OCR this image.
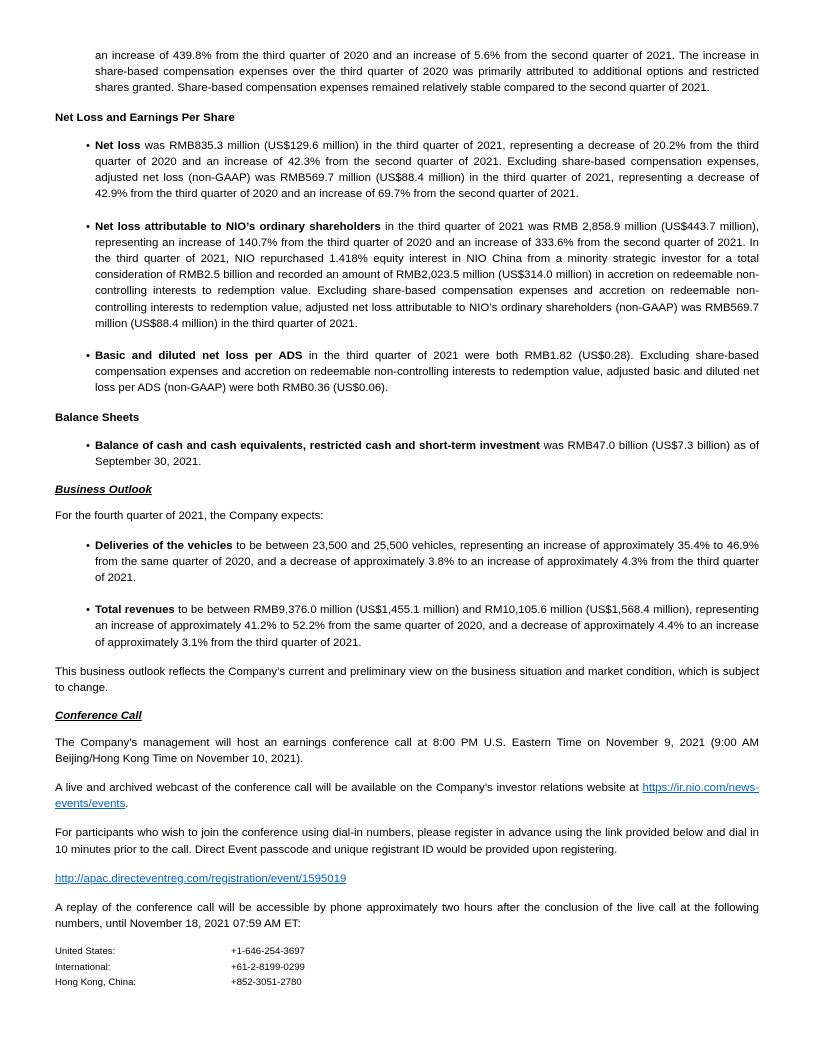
an increase of 439.8% from the third quarter of 2020 and an increase of 5.6% from the second quarter of 2021. The increase in share-based compensation expenses over the third quarter of 2020 was primarily attributed to additional options and restricted shares granted. Share-based compensation expenses remained relatively stable compared to the second quarter of 2021.

Net Loss and Earnings Per Share
• Net loss was RMB835.3 million (US$129.6 million) in the third quarter of 2021, representing a decrease of 20.2% from the third quarter of 2020 and an increase of 42.3% from the second quarter of 2021. Excluding share-based compensation expenses, adjusted net loss (non-GAAP) was RMB569.7 million (US$88.4 million) in the third quarter of 2021, representing a decrease of 42.9% from the third quarter of 2020 and an increase of 69.7% from the second quarter of 2021.
• Net loss attributable to NIO’s ordinary shareholders in the third quarter of 2021 was RMB 2,858.9 million (US$443.7 million), representing an increase of 140.7% from the third quarter of 2020 and an increase of 333.6% from the second quarter of 2021. In the third quarter of 2021, NIO repurchased 1.418% equity interest in NIO China from a minority strategic investor for a total consideration of RMB2.5 billion and recorded an amount of RMB2,023.5 million (US$314.0 million) in accretion on redeemable non-controlling interests to redemption value. Excluding share-based compensation expenses and accretion on redeemable non-controlling interests to redemption value, adjusted net loss attributable to NIO’s ordinary shareholders (non-GAAP) was RMB569.7 million (US$88.4 million) in the third quarter of 2021.
• Basic and diluted net loss per ADS in the third quarter of 2021 were both RMB1.82 (US$0.28). Excluding share-based compensation expenses and accretion on redeemable non-controlling interests to redemption value, adjusted basic and diluted net loss per ADS (non-GAAP) were both RMB0.36 (US$0.06).
Balance Sheets
• Balance of cash and cash equivalents, restricted cash and short-term investment was RMB47.0 billion (US$7.3 billion) as of September 30, 2021.
Business Outlook

For the fourth quarter of 2021, the Company expects:

• Deliveries of the vehicles to be between 23,500 and 25,500 vehicles, representing an increase of approximately 35.4% to 46.9% from the same quarter of 2020, and a decrease of approximately 3.8% to an increase of approximately 4.3% from the third quarter of 2021.
• Total revenues to be between RMB9,376.0 million (US$1,455.1 million) and RM10,105.6 million (US$1,568.4 million), representing an increase of approximately 41.2% to 52.2% from the same quarter of 2020, and a decrease of approximately 4.4% to an increase of approximately 3.1% from the third quarter of 2021.

This business outlook reflects the Company’s current and preliminary view on the business situation and market condition, which is subject to change.

Conference Call

The Company’s management will host an earnings conference call at 8:00 PM U.S. Eastern Time on November 9, 2021 (9:00 AM Beijing/Hong Kong Time on November 10, 2021).

A live and archived webcast of the conference call will be available on the Company’s investor relations website at https://ir.nio.com/news-events/events.

For participants who wish to join the conference using dial-in numbers, please register in advance using the link provided below and dial in 10 minutes prior to the call. Direct Event passcode and unique registrant ID would be provided upon registering.

http://apac.directeventreg.com/registration/event/1595019

A replay of the conference call will be accessible by phone approximately two hours after the conclusion of the live call at the following numbers, until November 18, 2021 07:59 AM ET:

United States:	+1-646-254-3697
International:	+61-2-8199-0299
Hong Kong, China:	+852-3051-2780
